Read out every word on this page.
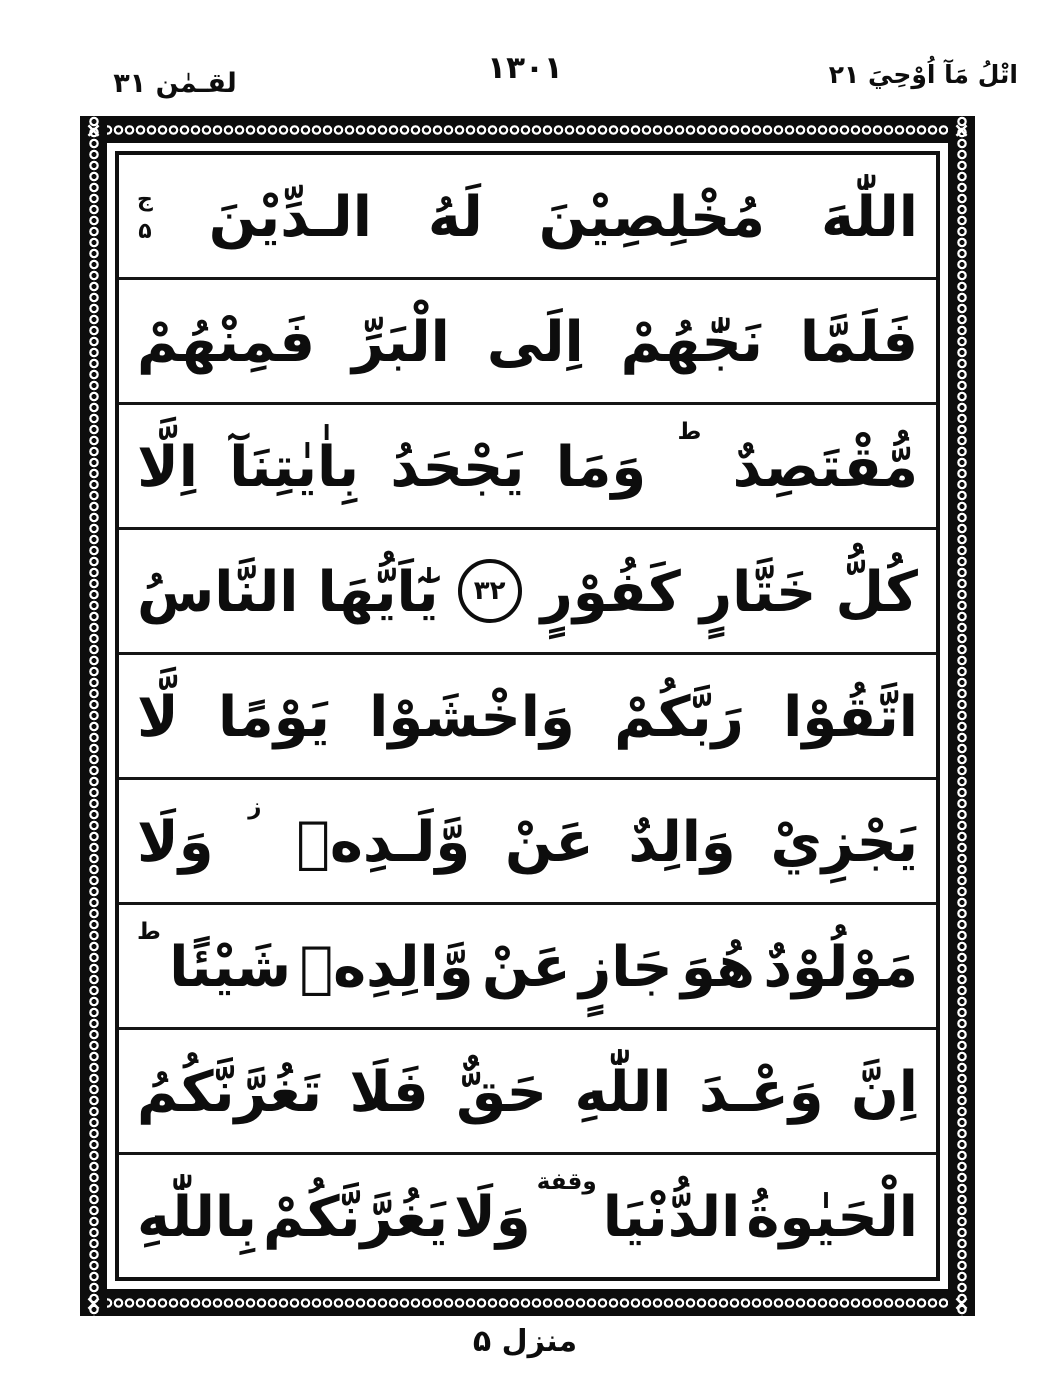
اتْلُ مَآ اُوْحِيَ ۲۱
۱۳۰۱
لقـمٰن ۳۱
×	×
×	×
اللّٰهَ
مُخْلِصِيْنَ
لَهُ
الـدِّيْنَ
ج
۵
فَلَمَّا
نَجّٰهُمْ
اِلَى
الْبَرِّ
فَمِنْهُمْ
مُّقْتَصِدٌ
ط
وَمَا
يَجْحَدُ
بِاٰيٰتِنَآ
اِلَّا
كُلُّ
خَتَّارٍ
كَفُوْرٍ
۳۲
يٰٓاَيُّهَا
النَّاسُ
اتَّقُوْا
رَبَّكُمْ
وَاخْشَوْا
يَوْمًا
لَّا
يَجْزِيْ
وَالِدٌ
عَنْ
وَّلَـدِهٖ
ز
وَلَا
مَوْلُوْدٌ
هُوَ
جَازٍ
عَنْ
وَّالِدِهٖ
شَيْئًا
ط
اِنَّ
وَعْـدَ
اللّٰهِ
حَقٌّ
فَلَا
تَغُرَّنَّكُمُ
الْحَيٰوةُ
الدُّنْيَا
وقفة
وَلَا
يَغُرَّنَّكُمْ
بِاللّٰهِ
منزل ۵
